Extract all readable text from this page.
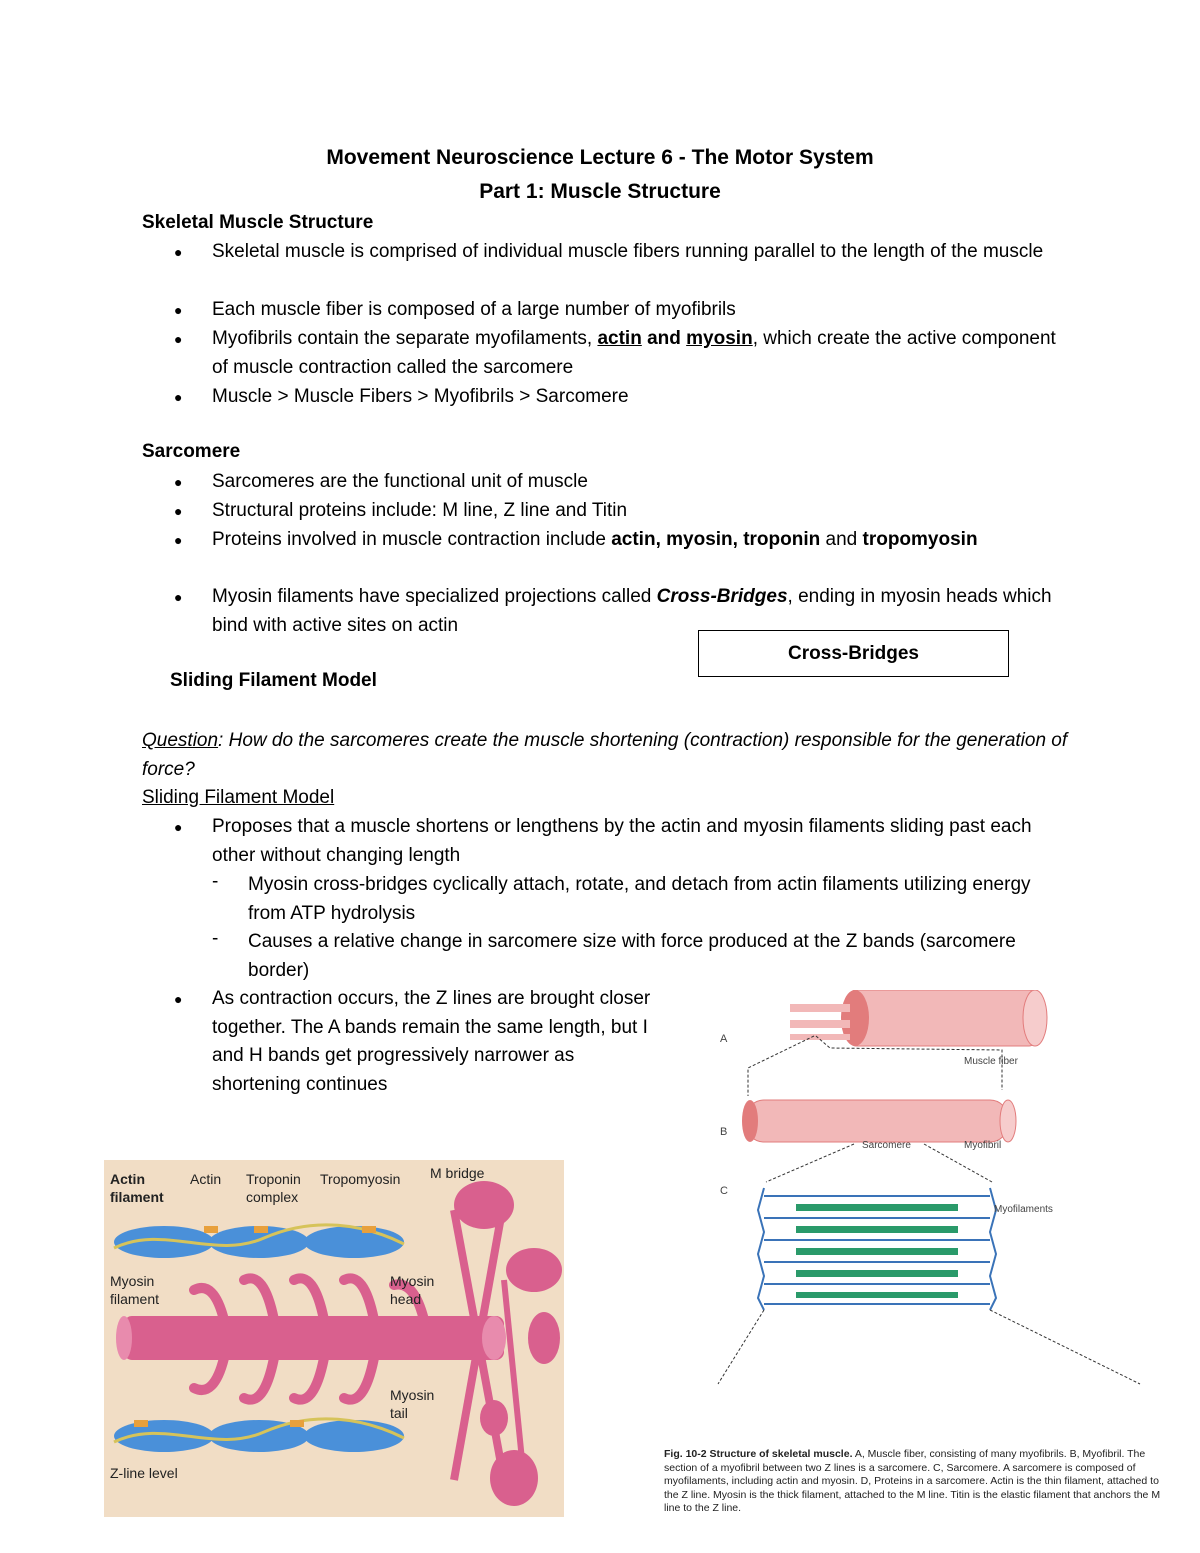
Movement Neuroscience Lecture 6 - The Motor System
Part 1: Muscle Structure
Skeletal Muscle Structure
● Skeletal muscle is comprised of individual muscle fibers running parallel to the length of the muscle
● Each muscle fiber is composed of a large number of myofibrils
● Myofibrils contain the separate myofilaments, actin and myosin, which create the active component of muscle contraction called the sarcomere
● Muscle > Muscle Fibers > Myofibrils > Sarcomere
Sarcomere
● Sarcomeres are the functional unit of muscle
● Structural proteins include: M line, Z line and Titin
● Proteins involved in muscle contraction include actin, myosin, troponin and tropomyosin
● Myosin filaments have specialized projections called Cross-Bridges, ending in myosin heads which bind with active sites on actin
Cross-Bridges
Sliding Filament Model
Question: How do the sarcomeres create the muscle shortening (contraction) responsible for the generation of force?
Sliding Filament Model
● Proposes that a muscle shortens or lengthens by the actin and myosin filaments sliding past each other without changing length
- Myosin cross-bridges cyclically attach, rotate, and detach from actin filaments utilizing energy from ATP hydrolysis
- Causes a relative change in sarcomere size with force produced at the Z bands (sarcomere border)
● As contraction occurs, the Z lines are brought closer together. The A bands remain the same length, but I and H bands get progressively narrower as shortening continues
Actin
filament
Actin Troponin
complex
Tropomyosin M bridge
Myosin
filament
Myosin
head
Myosin
tail
Z-line level
A
Muscle fiber
B
Sarcomere	Myofibril
C
Myofilaments
Fig. 10-2 Structure of skeletal muscle. A, Muscle fiber, consisting of many myofibrils. B, Myofibril. The section of a myofibril between two Z lines is a sarcomere. C, Sarcomere. A sarcomere is composed of myofilaments, including actin and myosin. D, Proteins in a sarcomere. Actin is the thin filament, attached to the Z line. Myosin is the thick filament, attached to the M line. Titin is the elastic filament that anchors the M line to the Z line.
